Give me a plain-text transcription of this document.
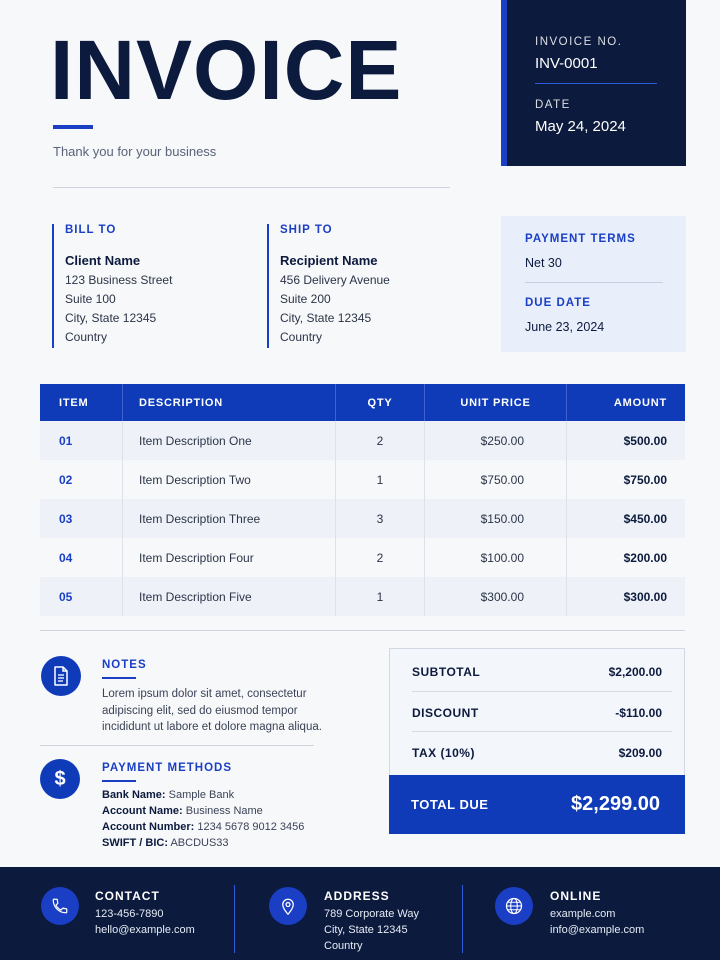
INVOICE
Thank you for your business
INVOICE NO.
INV-0001
DATE
May 24, 2024
BILL TO
Client Name
123 Business Street
Suite 100
City, State 12345
Country
SHIP TO
Recipient Name
456 Delivery Avenue
Suite 200
City, State 12345
Country
PAYMENT TERMS
Net 30
DUE DATE
June 23, 2024
ITEM	DESCRIPTION	QTY	UNIT PRICE	AMOUNT
01	Item Description One	2	$250.00	$500.00
02	Item Description Two	1	$750.00	$750.00
03	Item Description Three	3	$150.00	$450.00
04	Item Description Four	2	$100.00	$200.00
05	Item Description Five	1	$300.00	$300.00
NOTES
Lorem ipsum dolor sit amet, consectetur adipiscing elit, sed do eiusmod tempor incididunt ut labore et dolore magna aliqua.
$	PAYMENT METHODS
Bank Name: Sample Bank
Account Name: Business Name
Account Number: 1234 5678 9012 3456
SWIFT / BIC: ABCDUS33
SUBTOTAL	$2,200.00
DISCOUNT	-$110.00
TAX (10%)	$209.00
TOTAL DUE	$2,299.00
CONTACT
123-456-7890
hello@example.com
ADDRESS
789 Corporate Way
City, State 12345
Country
ONLINE
example.com
info@example.com
